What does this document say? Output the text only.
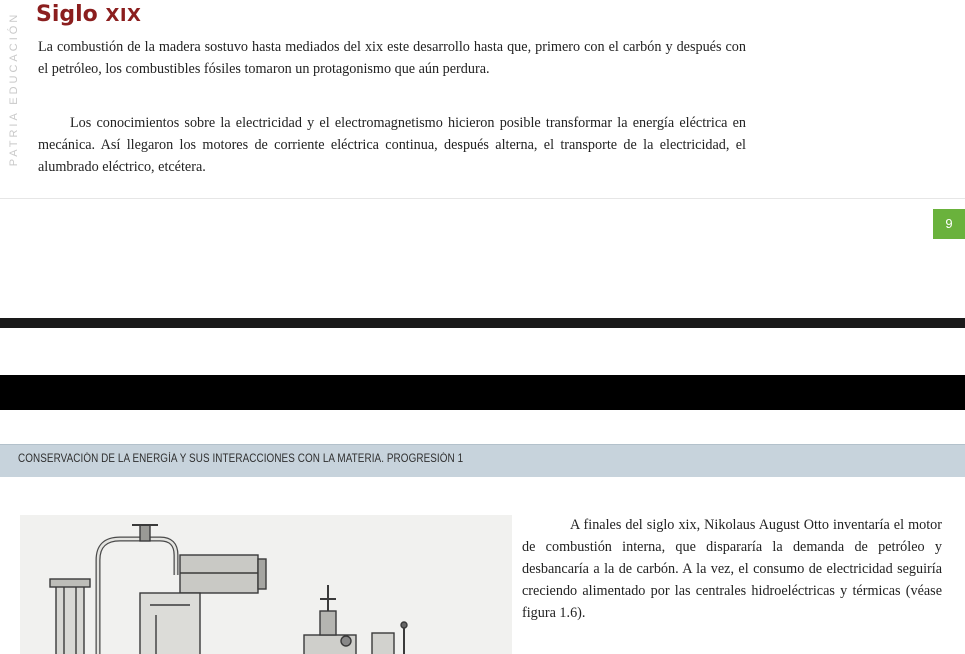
PATRIA EDUCACIÓN Siglo XIX

La combustión de la madera sostuvo hasta mediados del xix este desarrollo hasta que, primero con el carbón y después con el petróleo, los combustibles fósiles tomaron un protagonismo que aún perdura.

Los conocimientos sobre la electricidad y el electromagnetismo hicieron posible transformar la energía eléctrica en mecánica. Así llegaron los motores de corriente eléctrica continua, después alterna, el transporte de la electricidad, el alumbrado eléctrico, etcétera.

9
CONSERVACIÓN DE LA ENERGÍA Y SUS INTERACCIONES CON LA MATERIA. PROGRESIÓN 1

A finales del siglo xix, Nikolaus August Otto inventaría el motor de combustión interna, que dispararía la demanda de petróleo y desbancaría a la de carbón. A la vez, el consumo de electricidad seguiría creciendo alimentado por las centrales hidroeléctricas y térmicas (véase figura 1.6).
